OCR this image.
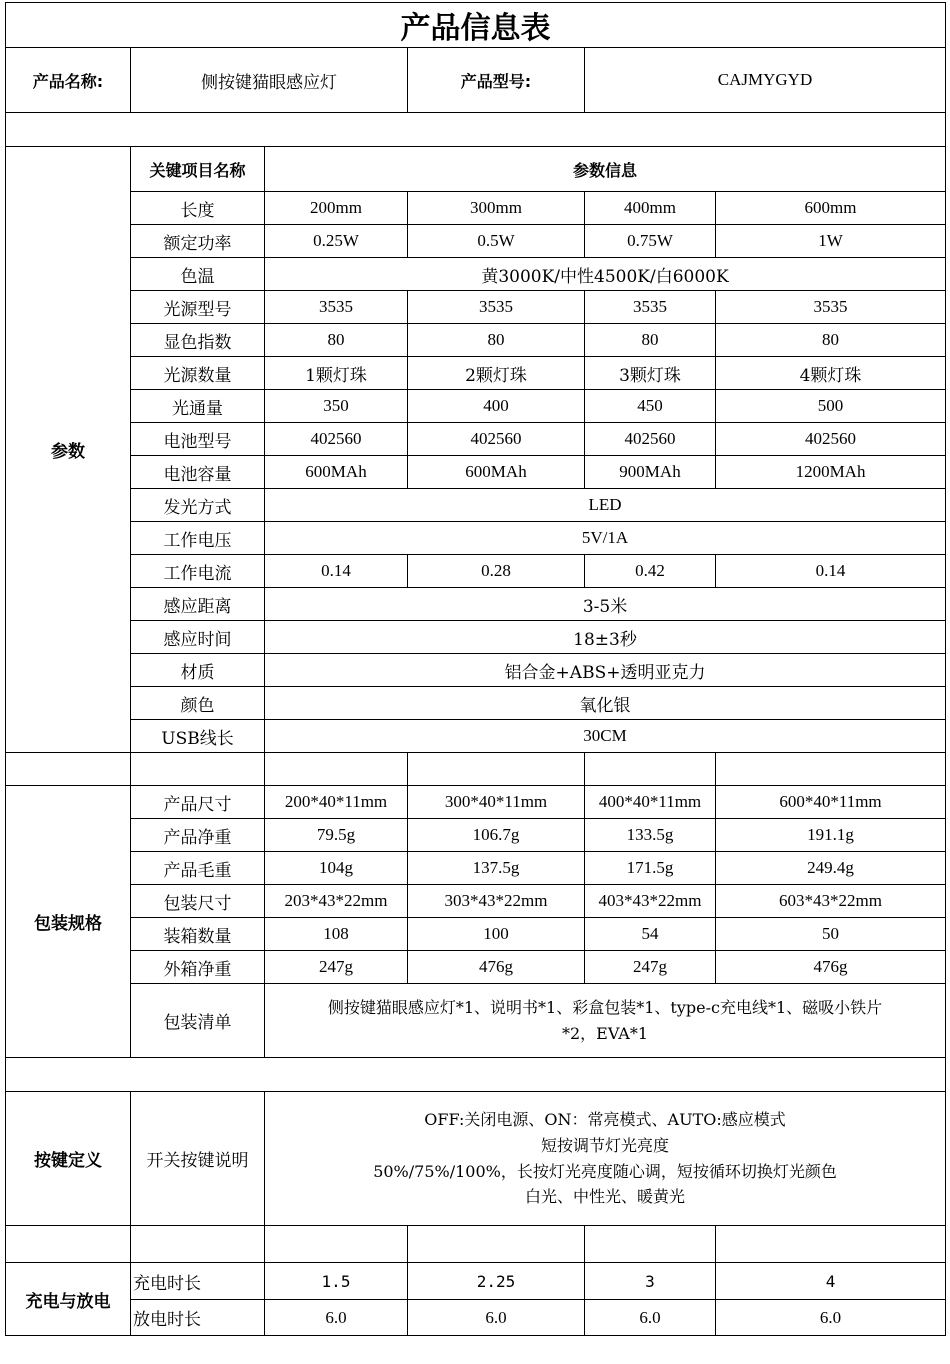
产品信息表					
产品名称:	侧按键猫眼感应灯		产品型号:	CAJMYGYD	

参数	关键项目名称	参数信息			
	长度	200mm	300mm	400mm	600mm
	额定功率	0.25W	0.5W	0.75W	1W
	色温	黄3000K/中性4500K/白6000K			
	光源型号	3535	3535	3535	3535
	显色指数	80	80	80	80
	光源数量	1颗灯珠	2颗灯珠	3颗灯珠	4颗灯珠
	光通量	350	400	450	500
	电池型号	402560	402560	402560	402560
	电池容量	600MAh	600MAh	900MAh	1200MAh
	发光方式	LED			
	工作电压	5V/1A			
	工作电流	0.14	0.28	0.42	0.14
	感应距离	3-5米			
	感应时间	18±3秒			
	材质	铝合金+ABS+透明亚克力			
	颜色	氧化银			
	USB线长	30CM			

包装规格	产品尺寸	200*40*11mm	300*40*11mm	400*40*11mm	600*40*11mm
	产品净重	79.5g	106.7g	133.5g	191.1g
	产品毛重	104g	137.5g	171.5g	249.4g
	包装尺寸	203*43*22mm	303*43*22mm	403*43*22mm	603*43*22mm
	装箱数量	108	100	54	50
	外箱净重	247g	476g	247g	476g
	包装清单	侧按键猫眼感应灯*1、说明书*1、彩盒包装*1、type-c充电线*1、磁吸小铁片
*2，EVA*1			

按键定义	开关按键说明	OFF:关闭电源、ON：常亮模式、AUTO:感应模式
短按调节灯光亮度
50%/75%/100%，长按灯光亮度随心调，短按循环切换灯光颜色
白光、中性光、暖黄光			

充电与放电	充电时长	1.5	2.25	3	4
	放电时长	6.0	6.0	6.0	6.0
